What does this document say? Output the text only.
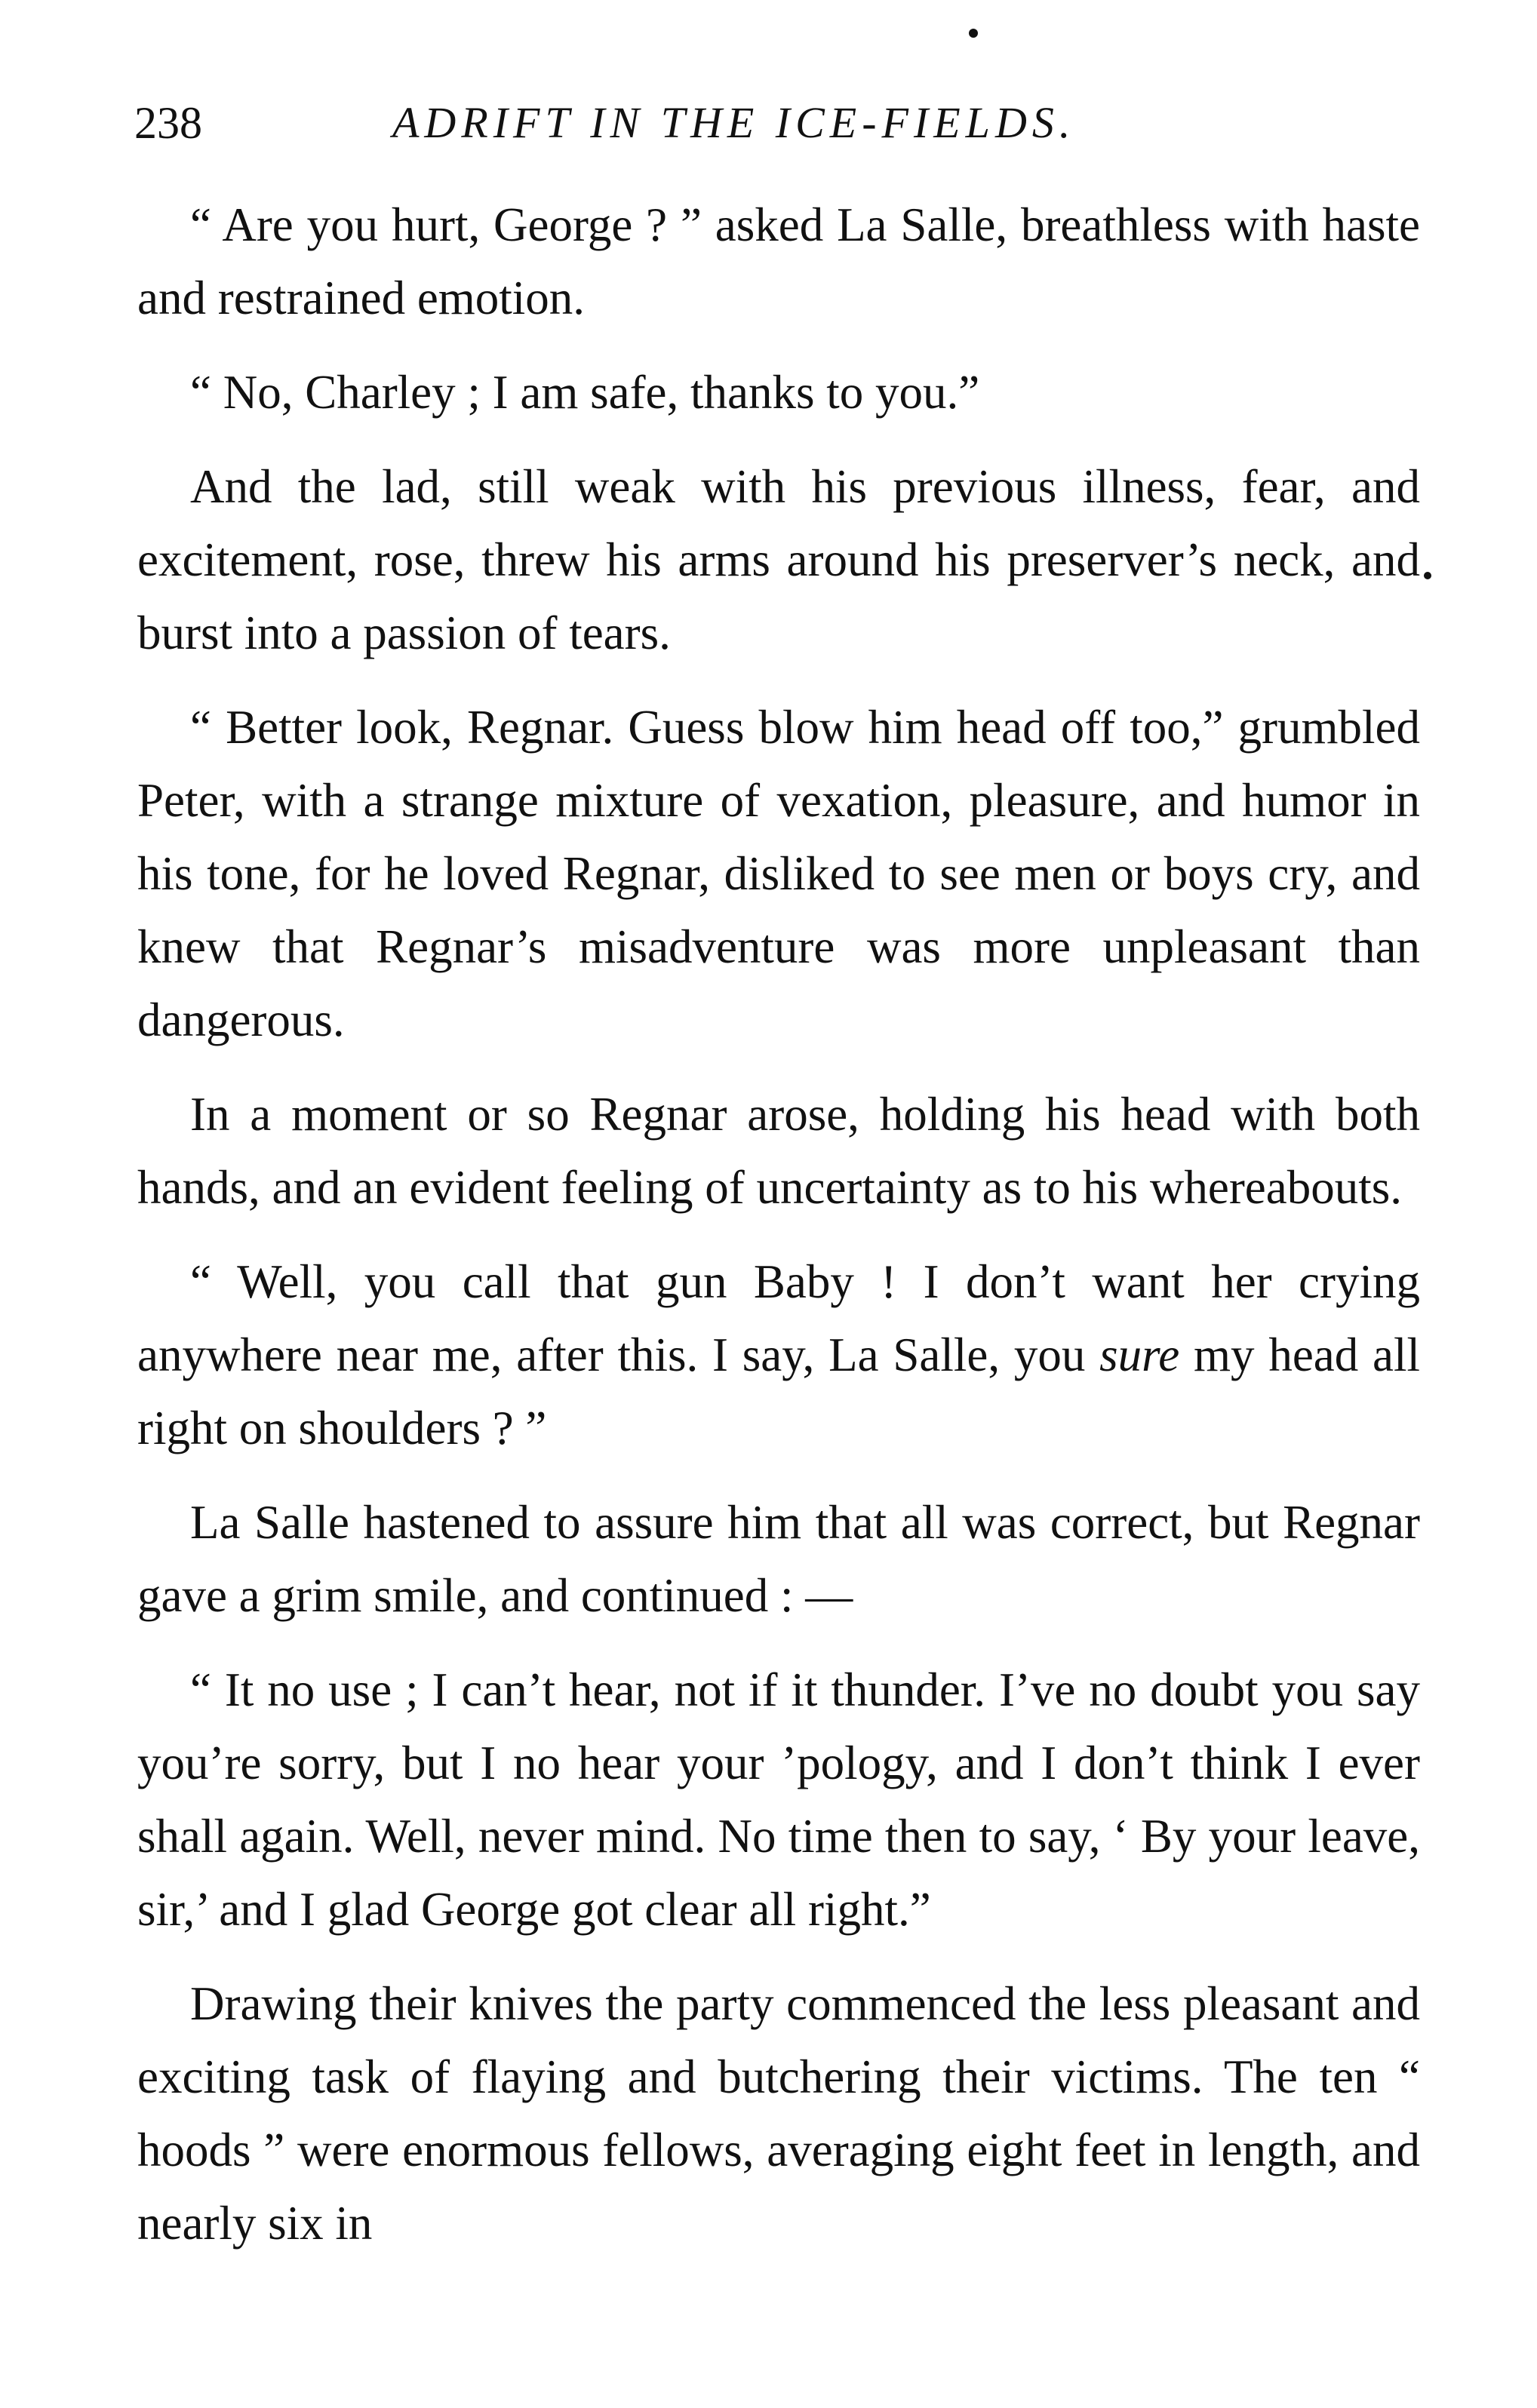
238	ADRIFT IN THE ICE-FIELDS.

“ Are you hurt, George ? ” asked La Salle, breathless with haste and restrained emotion.

“ No, Charley ; I am safe, thanks to you.”

And the lad, still weak with his previous illness, fear, and excitement, rose, threw his arms around his preserver’s neck, and burst into a passion of tears.

“ Better look, Regnar. Guess blow him head off too,” grumbled Peter, with a strange mixture of vexation, pleasure, and humor in his tone, for he loved Regnar, disliked to see men or boys cry, and knew that Regnar’s misadventure was more unpleasant than dangerous.

In a moment or so Regnar arose, holding his head with both hands, and an evident feeling of uncertainty as to his whereabouts.

“ Well, you call that gun Baby ! I don’t want her crying anywhere near me, after this. I say, La Salle, you sure my head all right on shoulders ? ”

La Salle hastened to assure him that all was correct, but Regnar gave a grim smile, and continued : —

“ It no use ; I can’t hear, not if it thunder. I’ve no doubt you say you’re sorry, but I no hear your ’pology, and I don’t think I ever shall again. Well, never mind. No time then to say, ‘ By your leave, sir,’ and I glad George got clear all right.”

Drawing their knives the party commenced the less pleasant and exciting task of flaying and butchering their victims. The ten “ hoods ” were enormous fellows, averaging eight feet in length, and nearly six in
